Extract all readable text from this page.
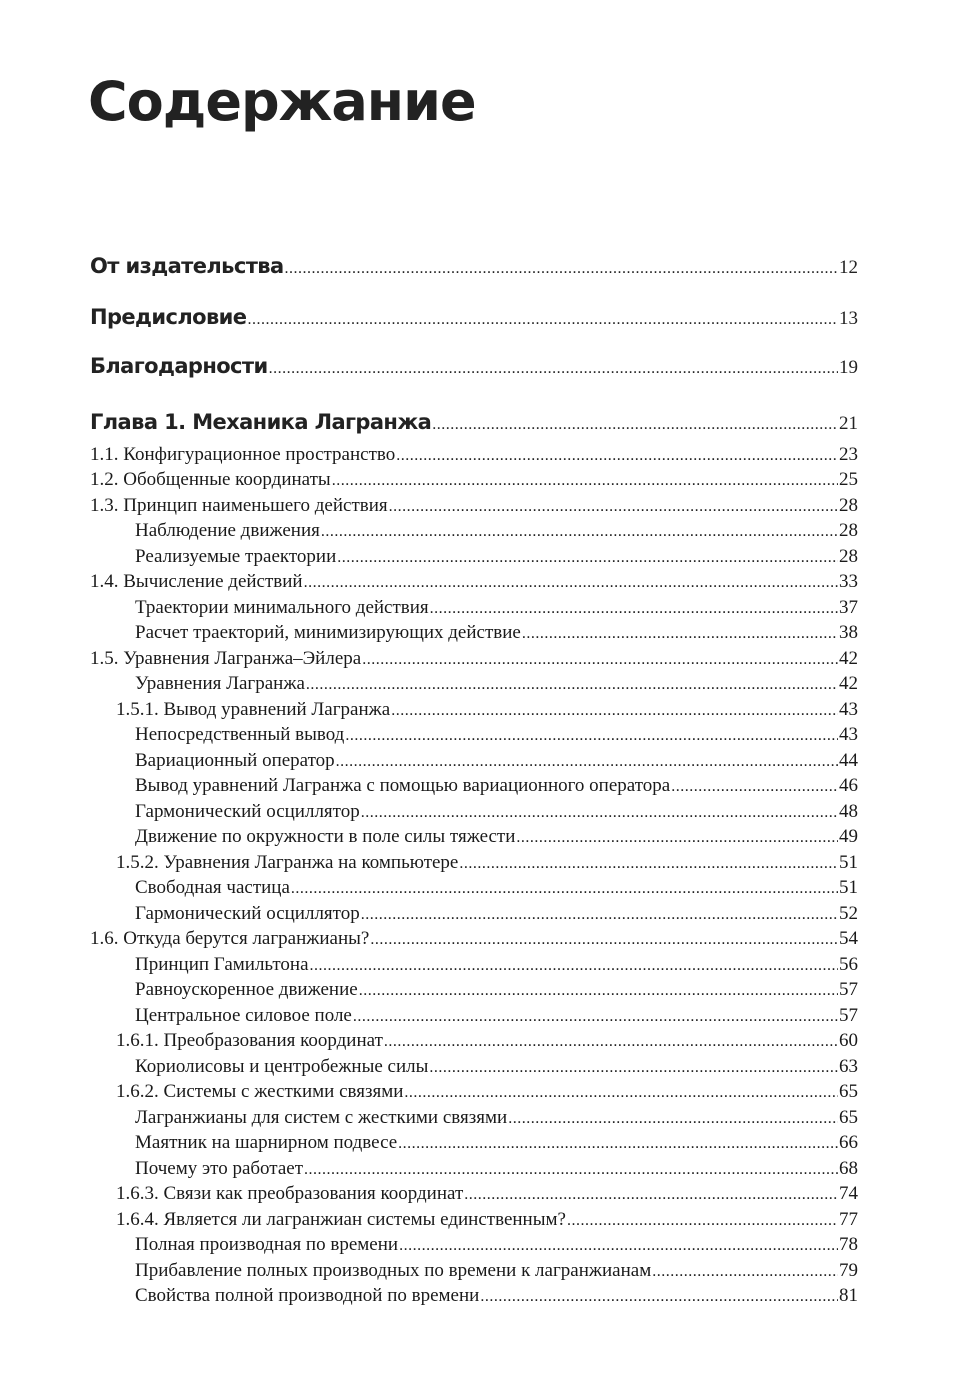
Содержание
От издательства .....	12
Предисловие .....	13
Благодарности .....	19
Глава 1. Механика Лагранжа .....	21
1.1. Конфигурационное пространство .....	23
1.2. Обобщенные координаты .....	25
1.3. Принцип наименьшего действия .....	28
Наблюдение движения .....	28
Реализуемые траектории .....	28
1.4. Вычисление действий .....	33
Траектории минимального действия .....	37
Расчет траекторий, минимизирующих действие .....	38
1.5. Уравнения Лагранжа–Эйлера .....	42
Уравнения Лагранжа .....	42
1.5.1. Вывод уравнений Лагранжа .....	43
Непосредственный вывод .....	43
Вариационный оператор .....	44
Вывод уравнений Лагранжа с помощью вариационного оператора .....	46
Гармонический осциллятор .....	48
Движение по окружности в поле силы тяжести .....	49
1.5.2. Уравнения Лагранжа на компьютере .....	51
Свободная частица .....	51
Гармонический осциллятор .....	52
1.6. Откуда берутся лагранжианы? .....	54
Принцип Гамильтона .....	56
Равноускоренное движение .....	57
Центральное силовое поле .....	57
1.6.1. Преобразования координат .....	60
Кориолисовы и центробежные силы .....	63
1.6.2. Системы с жесткими связями .....	65
Лагранжианы для систем с жесткими связями .....	65
Маятник на шарнирном подвесе .....	66
Почему это работает .....	68
1.6.3. Связи как преобразования координат .....	74
1.6.4. Является ли лагранжиан системы единственным? .....	77
Полная производная по времени .....	78
Прибавление полных производных по времени к лагранжианам .....	79
Свойства полной производной по времени .....	81
